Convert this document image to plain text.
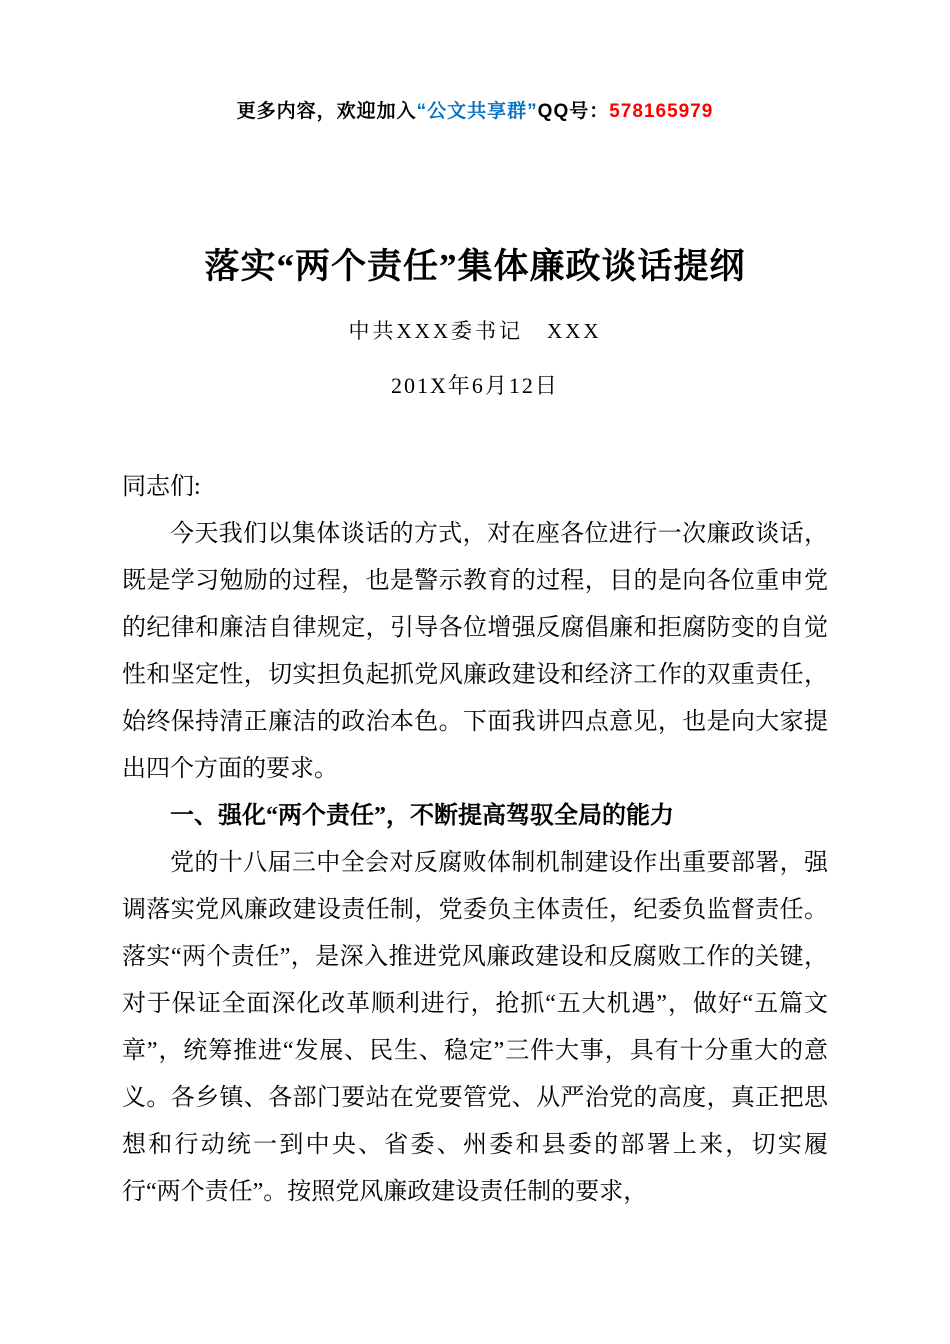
更多内容，欢迎加入“公文共享群”QQ号：578165979
落实“两个责任”集体廉政谈话提纲
中共XXX委书记　XXX
201X年6月12日

同志们:

今天我们以集体谈话的方式，对在座各位进行一次廉政谈话，既是学习勉励的过程，也是警示教育的过程，目的是向各位重申党的纪律和廉洁自律规定，引导各位增强反腐倡廉和拒腐防变的自觉性和坚定性，切实担负起抓党风廉政建设和经济工作的双重责任，始终保持清正廉洁的政治本色。下面我讲四点意见，也是向大家提出四个方面的要求。

一、强化“两个责任”，不断提高驾驭全局的能力

党的十八届三中全会对反腐败体制机制建设作出重要部署，强调落实党风廉政建设责任制，党委负主体责任，纪委负监督责任。落实“两个责任”，是深入推进党风廉政建设和反腐败工作的关键，对于保证全面深化改革顺利进行，抢抓“五大机遇”，做好“五篇文章”，统筹推进“发展、民生、稳定”三件大事，具有十分重大的意义。各乡镇、各部门要站在党要管党、从严治党的高度，真正把思想和行动统一到中央、省委、州委和县委的部署上来，切实履行“两个责任”。按照党风廉政建设责任制的要求，
